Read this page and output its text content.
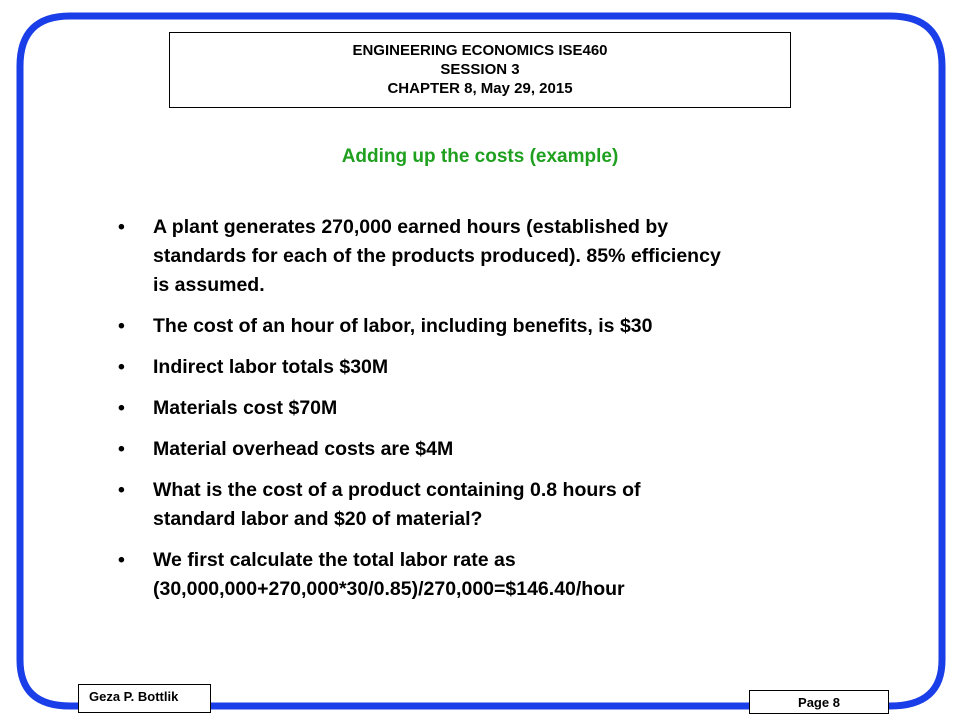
ENGINEERING ECONOMICS ISE460
SESSION 3
CHAPTER 8, May 29, 2015
Adding up the costs (example)
• A plant generates 270,000 earned hours (established by
standards for each of the products produced). 85% efficiency
is assumed.
• The cost of an hour of labor, including benefits, is $30
• Indirect labor totals $30M
• Materials cost $70M
• Material overhead costs are $4M
• What is the cost of a product containing 0.8 hours of
standard labor and $20 of material?
• We first calculate the total labor rate as
(30,000,000+270,000*30/0.85)/270,000=$146.40/hour
Geza P. Bottlik	Page 8
